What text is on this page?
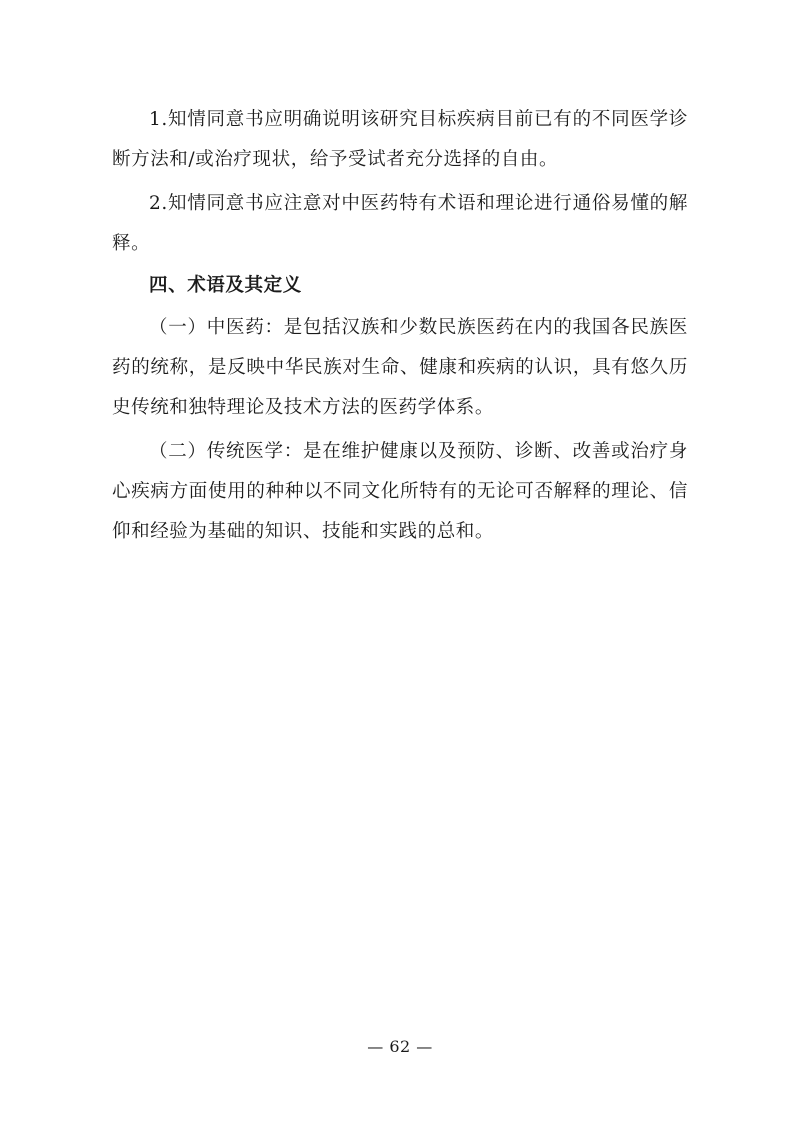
1.知情同意书应明确说明该研究目标疾病目前已有的不同医学诊断方法和/或治疗现状，给予受试者充分选择的自由。

2.知情同意书应注意对中医药特有术语和理论进行通俗易懂的解释。

四、术语及其定义

（一）中医药：是包括汉族和少数民族医药在内的我国各民族医药的统称，是反映中华民族对生命、健康和疾病的认识，具有悠久历史传统和独特理论及技术方法的医药学体系。

（二）传统医学：是在维护健康以及预防、诊断、改善或治疗身心疾病方面使用的种种以不同文化所特有的无论可否解释的理论、信仰和经验为基础的知识、技能和实践的总和。

— 62 —
